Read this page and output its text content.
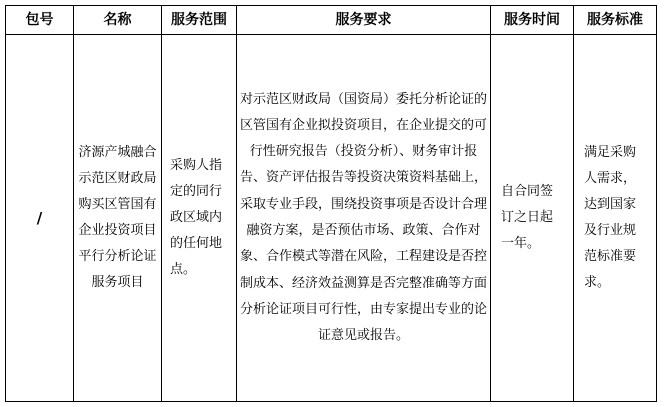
包号	名称	服务范围	服务要求	服务时间	服务标准

/	济源产城融合示范区财政局购买区管国有企业投资项目平行分析论证服务项目	采购人指定的同行政区域内的任何地点。	对示范区财政局（国资局）委托分析论证的区管国有企业拟投资项目，在企业提交的可行性研究报告（投资分析）、财务审计报告、资产评估报告等投资决策资料基础上，采取专业手段，围绕投资事项是否设计合理融资方案，是否预估市场、政策、合作对象、合作模式等潜在风险，工程建设是否控制成本、经济效益测算是否完整准确等方面分析论证项目可行性，由专家提出专业的论证意见或报告。	自合同签订之日起一年。	满足采购人需求，达到国家及行业规范标准要求。
